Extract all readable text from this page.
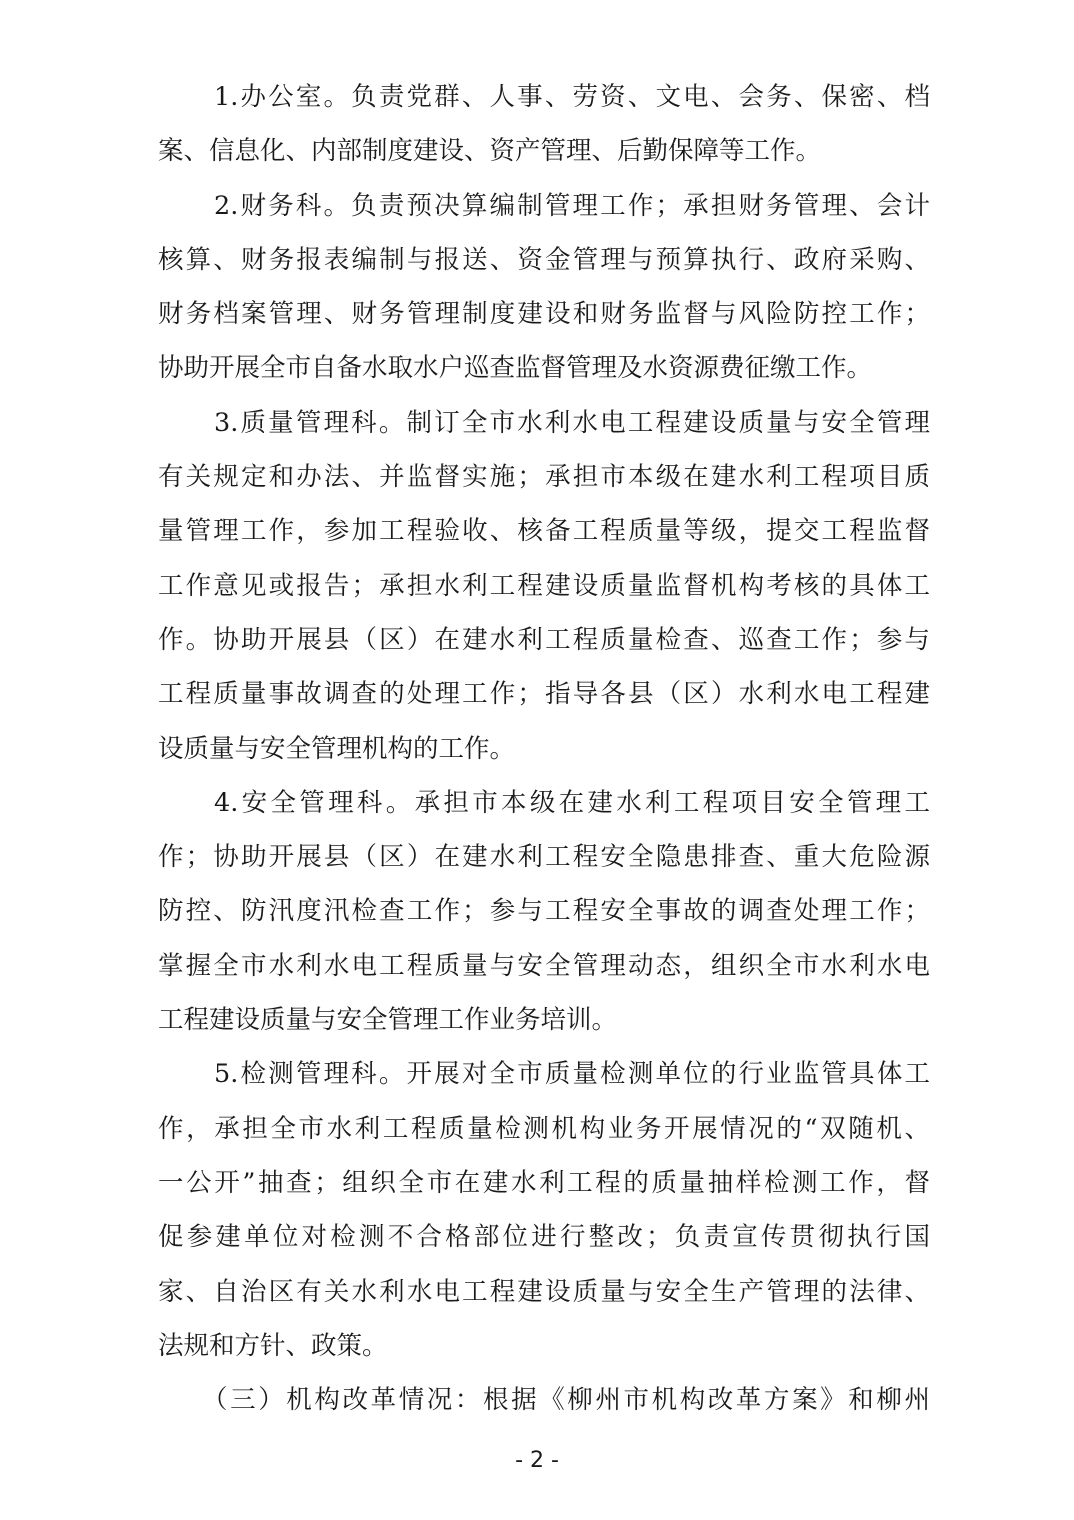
1.办公室。负责党群、人事、劳资、文电、会务、保密、档
案、信息化、内部制度建设、资产管理、后勤保障等工作。
2.财务科。负责预决算编制管理工作；承担财务管理、会计
核算、财务报表编制与报送、资金管理与预算执行、政府采购、
财务档案管理、财务管理制度建设和财务监督与风险防控工作；
协助开展全市自备水取水户巡查监督管理及水资源费征缴工作。
3.质量管理科。制订全市水利水电工程建设质量与安全管理
有关规定和办法、并监督实施；承担市本级在建水利工程项目质
量管理工作，参加工程验收、核备工程质量等级，提交工程监督
工作意见或报告；承担水利工程建设质量监督机构考核的具体工
作。协助开展县（区）在建水利工程质量检查、巡查工作；参与
工程质量事故调查的处理工作；指导各县（区）水利水电工程建
设质量与安全管理机构的工作。
4.安全管理科。承担市本级在建水利工程项目安全管理工
作；协助开展县（区）在建水利工程安全隐患排查、重大危险源
防控、防汛度汛检查工作；参与工程安全事故的调查处理工作；
掌握全市水利水电工程质量与安全管理动态，组织全市水利水电
工程建设质量与安全管理工作业务培训。
5.检测管理科。开展对全市质量检测单位的行业监管具体工
作，承担全市水利工程质量检测机构业务开展情况的“双随机、
一公开”抽查；组织全市在建水利工程的质量抽样检测工作，督
促参建单位对检测不合格部位进行整改；负责宣传贯彻执行国
家、自治区有关水利水电工程建设质量与安全生产管理的法律、
法规和方针、政策。
（三）机构改革情况：根据《柳州市机构改革方案》和柳州
- 2 -
